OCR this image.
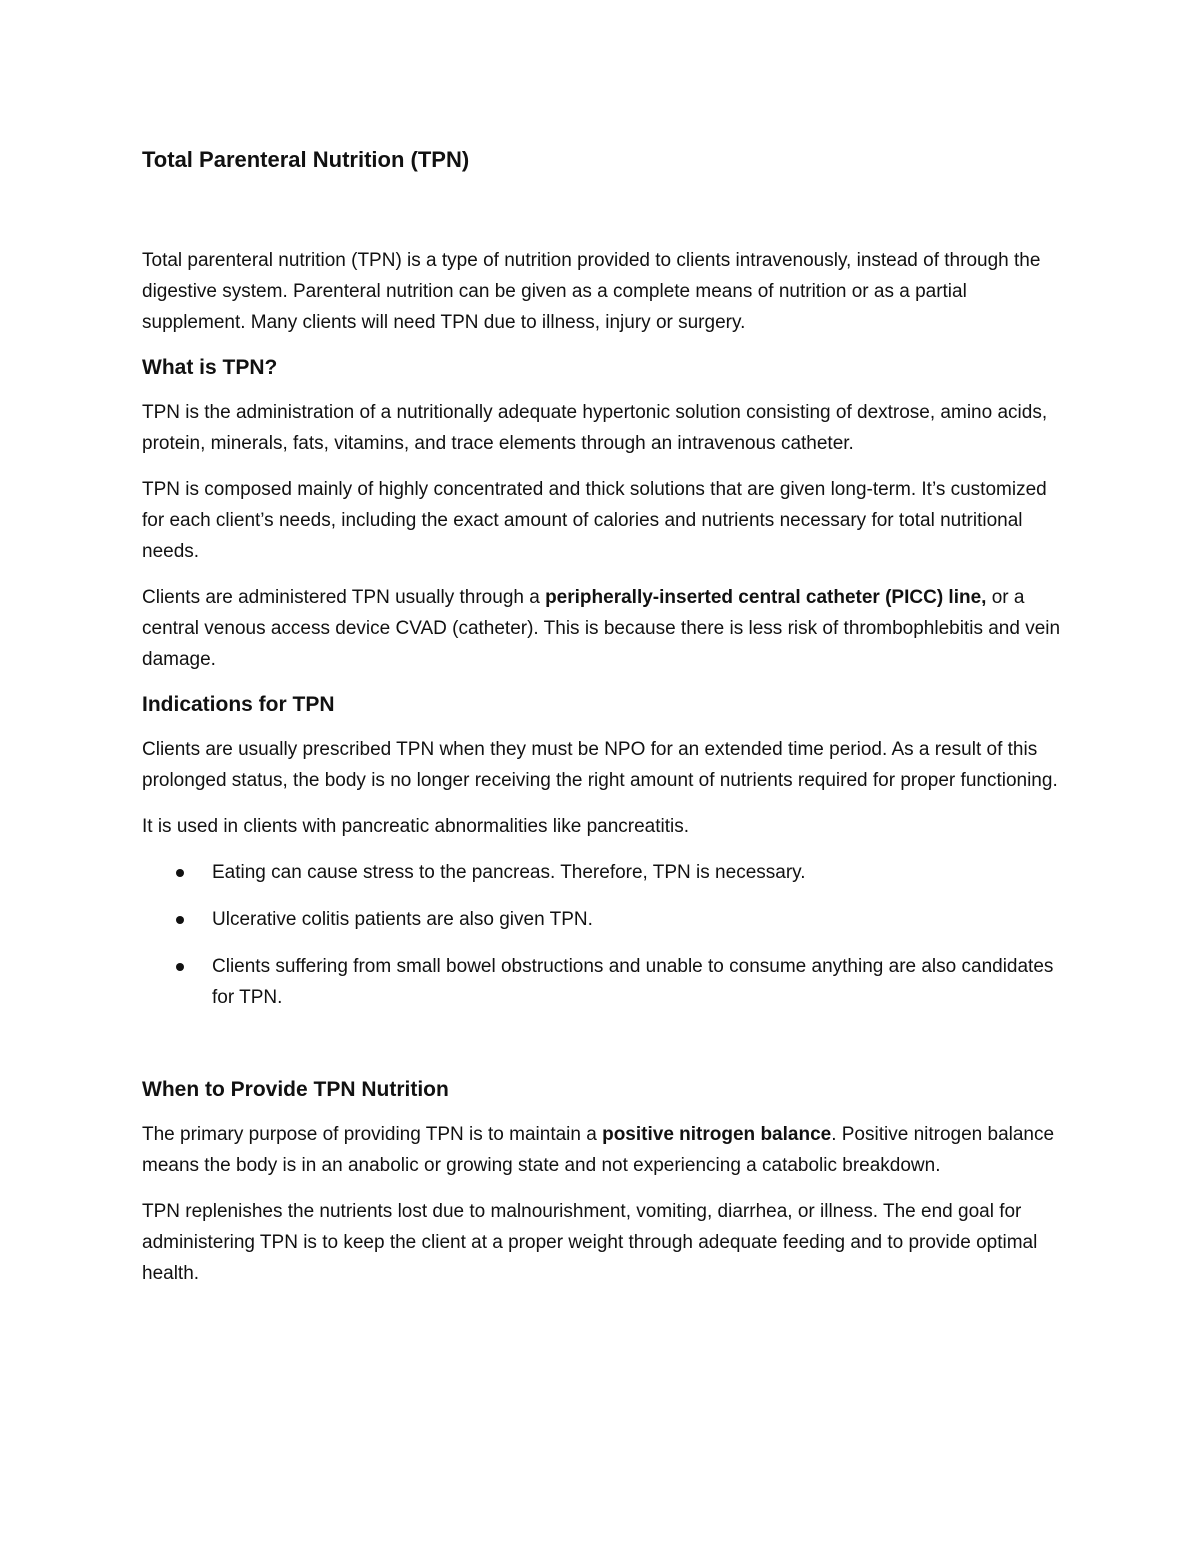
Total Parenteral Nutrition (TPN)

Total parenteral nutrition (TPN) is a type of nutrition provided to clients intravenously, instead of through the digestive system. Parenteral nutrition can be given as a complete means of nutrition or as a partial supplement. Many clients will need TPN due to illness, injury or surgery.

What is TPN?

TPN is the administration of a nutritionally adequate hypertonic solution consisting of dextrose, amino acids, protein, minerals, fats, vitamins, and trace elements through an intravenous catheter.

TPN is composed mainly of highly concentrated and thick solutions that are given long-term. It’s customized for each client’s needs, including the exact amount of calories and nutrients necessary for total nutritional needs.

Clients are administered TPN usually through a peripherally-inserted central catheter (PICC) line, or a central venous access device CVAD (catheter). This is because there is less risk of thrombophlebitis and vein damage.

Indications for TPN

Clients are usually prescribed TPN when they must be NPO for an extended time period. As a result of this prolonged status, the body is no longer receiving the right amount of nutrients required for proper functioning.

It is used in clients with pancreatic abnormalities like pancreatitis.

Eating can cause stress to the pancreas. Therefore, TPN is necessary.
Ulcerative colitis patients are also given TPN.
Clients suffering from small bowel obstructions and unable to consume anything are also candidates for TPN.
When to Provide TPN Nutrition

The primary purpose of providing TPN is to maintain a positive nitrogen balance. Positive nitrogen balance means the body is in an anabolic or growing state and not experiencing a catabolic breakdown.

TPN replenishes the nutrients lost due to malnourishment, vomiting, diarrhea, or illness. The end goal for administering TPN is to keep the client at a proper weight through adequate feeding and to provide optimal health.
